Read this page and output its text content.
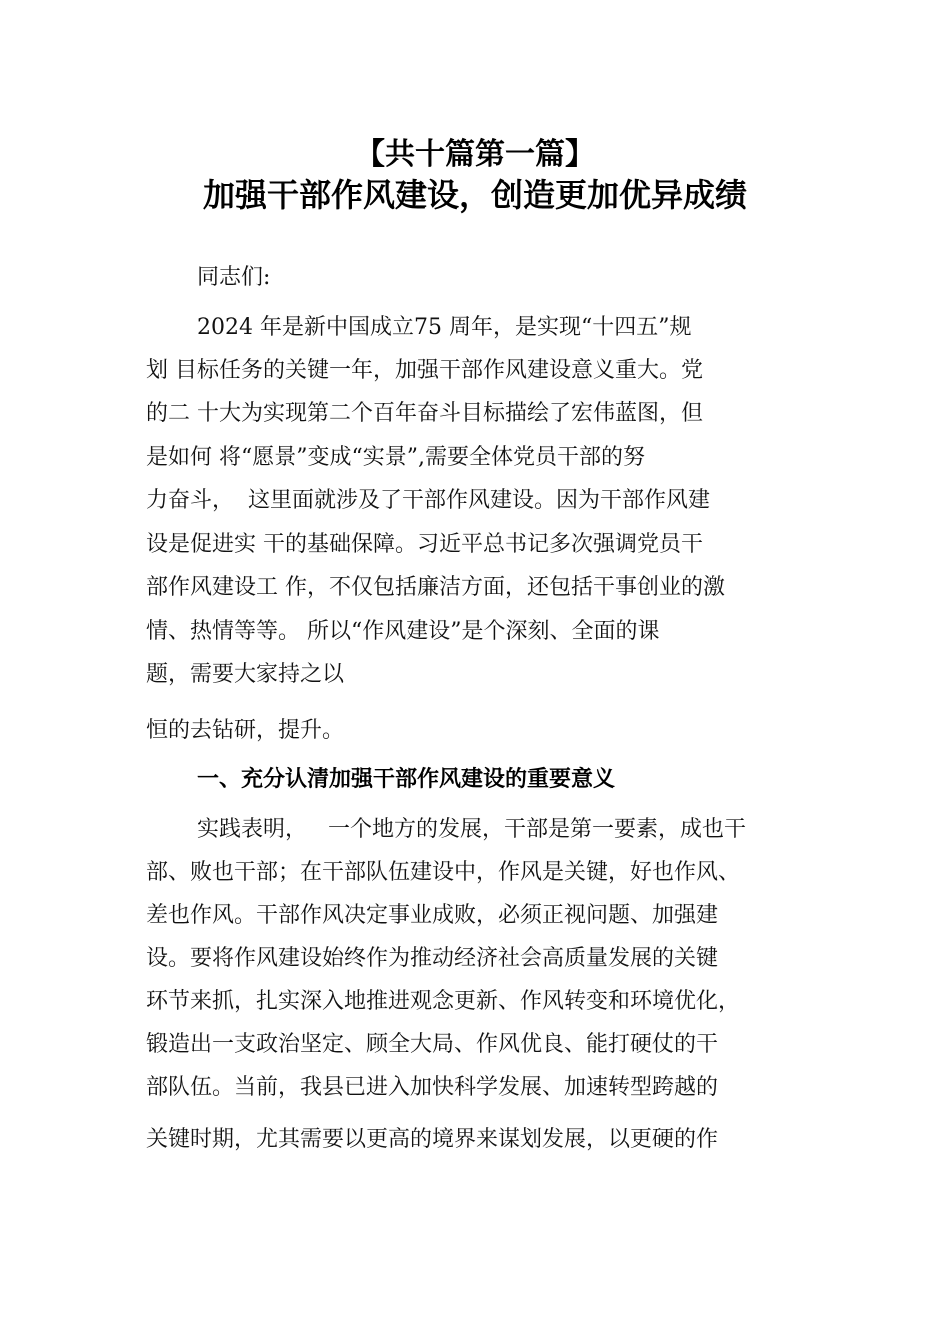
【共十篇第一篇】
加强干部作风建设，创造更加优异成绩
同志们:
2024 年是新中国成立75 周年，是实现“十四五”规
划 目标任务的关键一年，加强干部作风建设意义重大。党
的二 十大为实现第二个百年奋斗目标描绘了宏伟蓝图，但
是如何 将“愿景”变成“实景”,需要全体党员干部的努
力奋斗，  这里面就涉及了干部作风建设。因为干部作风建
设是促进实 干的基础保障。习近平总书记多次强调党员干
部作风建设工 作，不仅包括廉洁方面，还包括干事创业的激
情、热情等等。 所以“作风建设”是个深刻、全面的课
题，需要大家持之以
恒的去钻研，提升。
一、充分认清加强干部作风建设的重要意义
实践表明，   一个地方的发展，干部是第一要素，成也干
部、败也干部；在干部队伍建设中，作风是关键，好也作风、
差也作风。干部作风决定事业成败，必须正视问题、加强建
设。要将作风建设始终作为推动经济社会高质量发展的关键
环节来抓，扎实深入地推进观念更新、作风转变和环境优化，
锻造出一支政治坚定、顾全大局、作风优良、能打硬仗的干
部队伍。当前，我县已进入加快科学发展、加速转型跨越的
关键时期，尤其需要以更高的境界来谋划发展，以更硬的作
